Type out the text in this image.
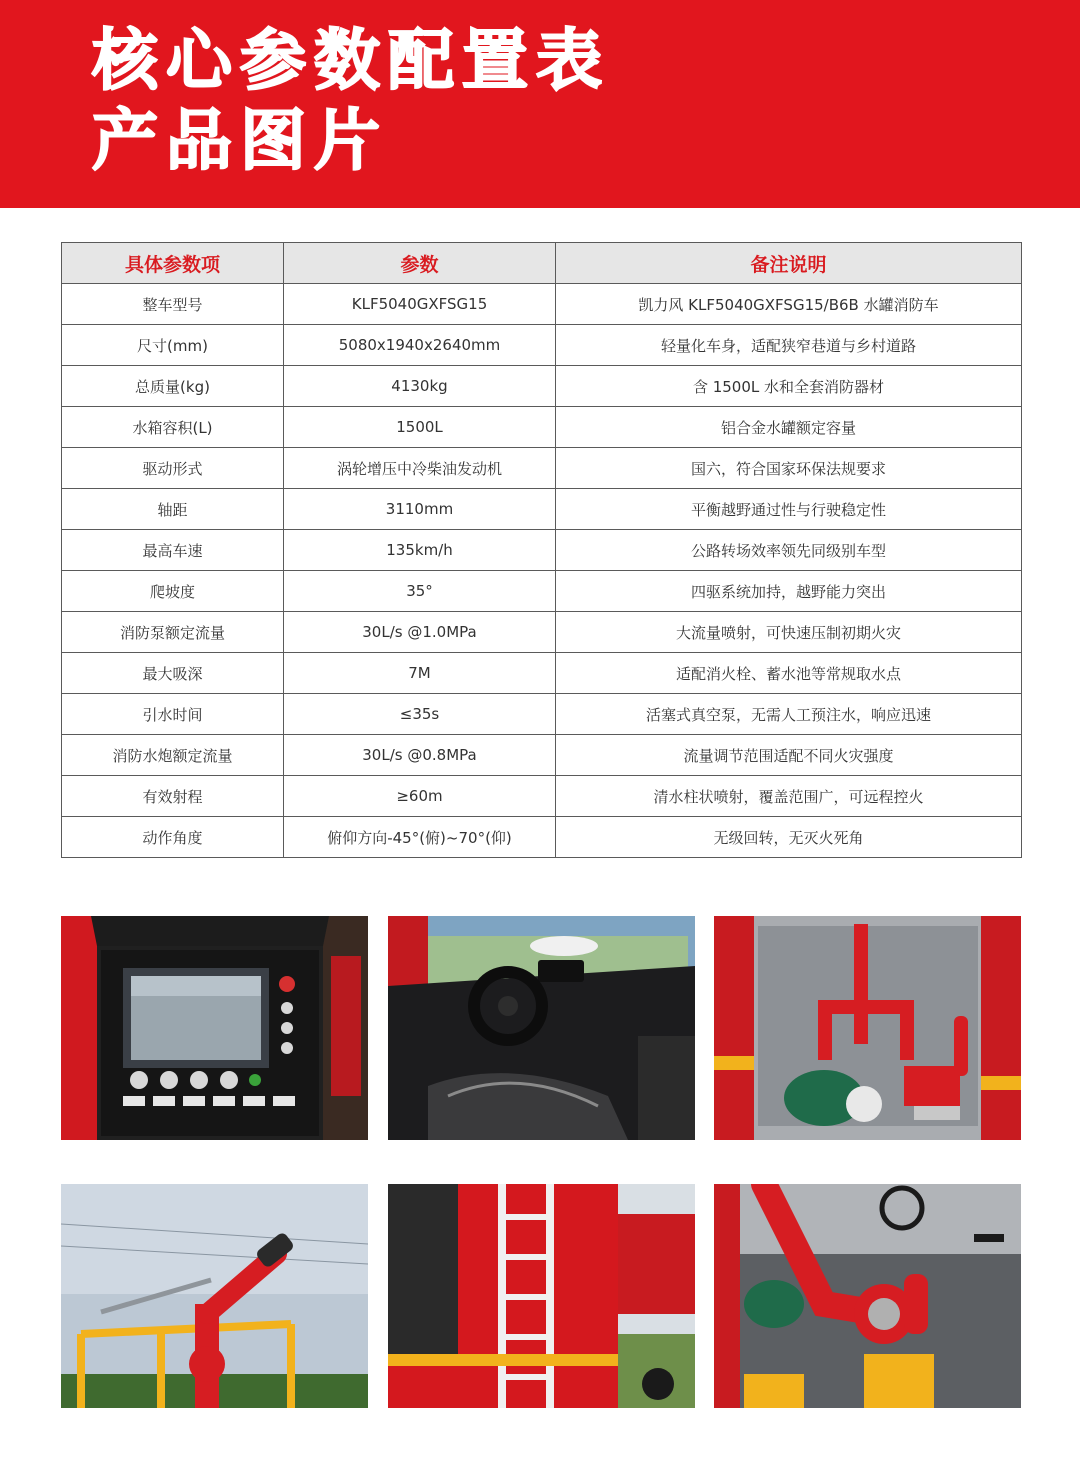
核心参数配置表
产品图片
具体参数项	参数	备注说明
整车型号	KLF5040GXFSG15	凯力风 KLF5040GXFSG15/B6B 水罐消防车
尺寸(mm)	5080x1940x2640mm	轻量化车身，适配狭窄巷道与乡村道路
总质量(kg)	4130kg	含 1500L 水和全套消防器材
水箱容积(L)	1500L	铝合金水罐额定容量
驱动形式	涡轮增压中冷柴油发动机	国六，符合国家环保法规要求
轴距	3110mm	平衡越野通过性与行驶稳定性
最高车速	135km/h	公路转场效率领先同级别车型
爬坡度	35°	四驱系统加持，越野能力突出
消防泵额定流量	30L/s @1.0MPa	大流量喷射，可快速压制初期火灾
最大吸深	7M	适配消火栓、蓄水池等常规取水点
引水时间	≤35s	活塞式真空泵，无需人工预注水，响应迅速
消防水炮额定流量	30L/s @0.8MPa	流量调节范围适配不同火灾强度
有效射程	≥60m	清水柱状喷射，覆盖范围广，可远程控火
动作角度	俯仰方向-45°(俯)~70°(仰)	无级回转，无灭火死角
